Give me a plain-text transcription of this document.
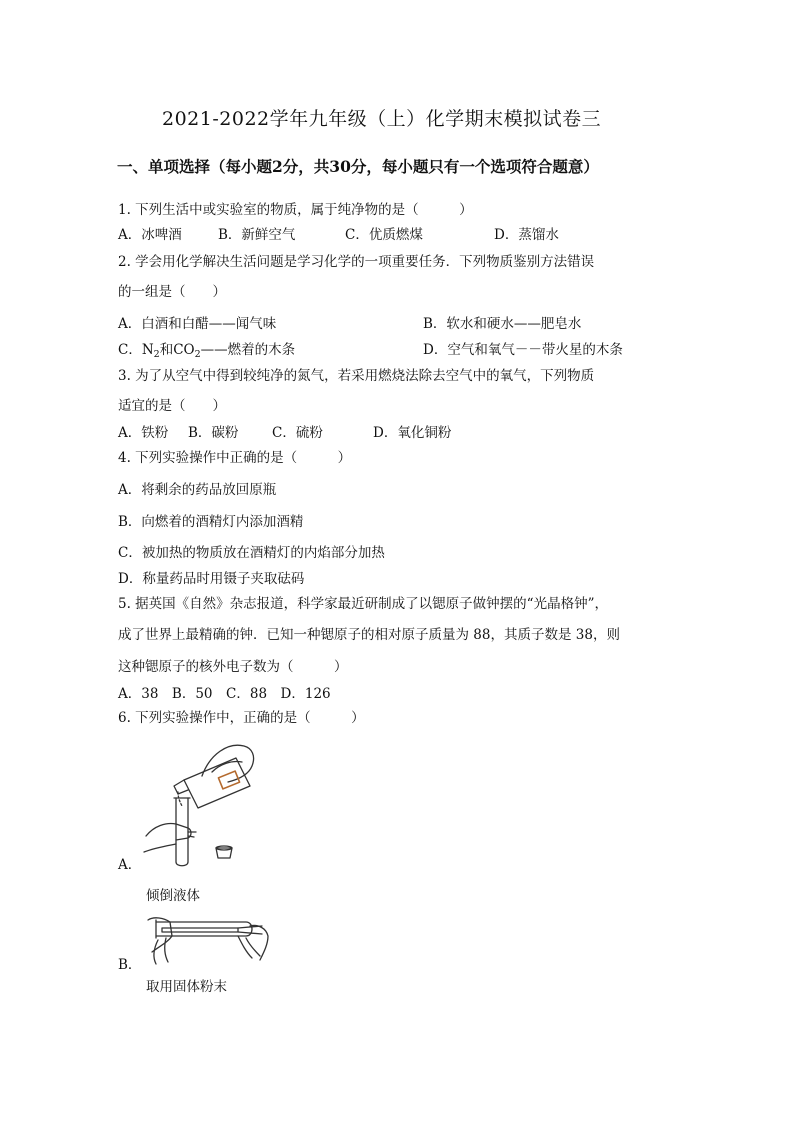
2021-2022学年九年级（上）化学期末模拟试卷三
一、单项选择（每小题2分，共30分，每小题只有一个选项符合题意）
1. 下列生活中或实验室的物质，属于纯净物的是（　　　）
A．冰啤酒	B．新鲜空气	C．优质燃煤	D．蒸馏水
2. 学会用化学解决生活问题是学习化学的一项重要任务．下列物质鉴别方法错误
的一组是（　　）
A．白酒和白醋——闻气味	B．软水和硬水——肥皂水
C．$N_2$和$CO_2——$燃着的木条	D．空气和氧气－－带火星的木条
3. 为了从空气中得到较纯净的氮气，若采用燃烧法除去空气中的氧气，下列物质
适宜的是（　　）
A．铁粉 B．碳粉 C．硫粉	D．氧化铜粉
4. 下列实验操作中正确的是（　　　）
A．将剩余的药品放回原瓶
B．向燃着的酒精灯内添加酒精
C．被加热的物质放在酒精灯的内焰部分加热
D．称量药品时用镊子夹取砝码
5. 据英国《自然》杂志报道，科学家最近研制成了以锶原子做钟摆的“光晶格钟”，
成了世界上最精确的钟．已知一种锶原子的相对原子质量为 88，其质子数是 38，则
这种锶原子的核外电子数为（　　　）
A．38　B．50　C．88　D．126
6. 下列实验操作中，正确的是（　　　）
A．
倾倒液体
B．
取用固体粉末
